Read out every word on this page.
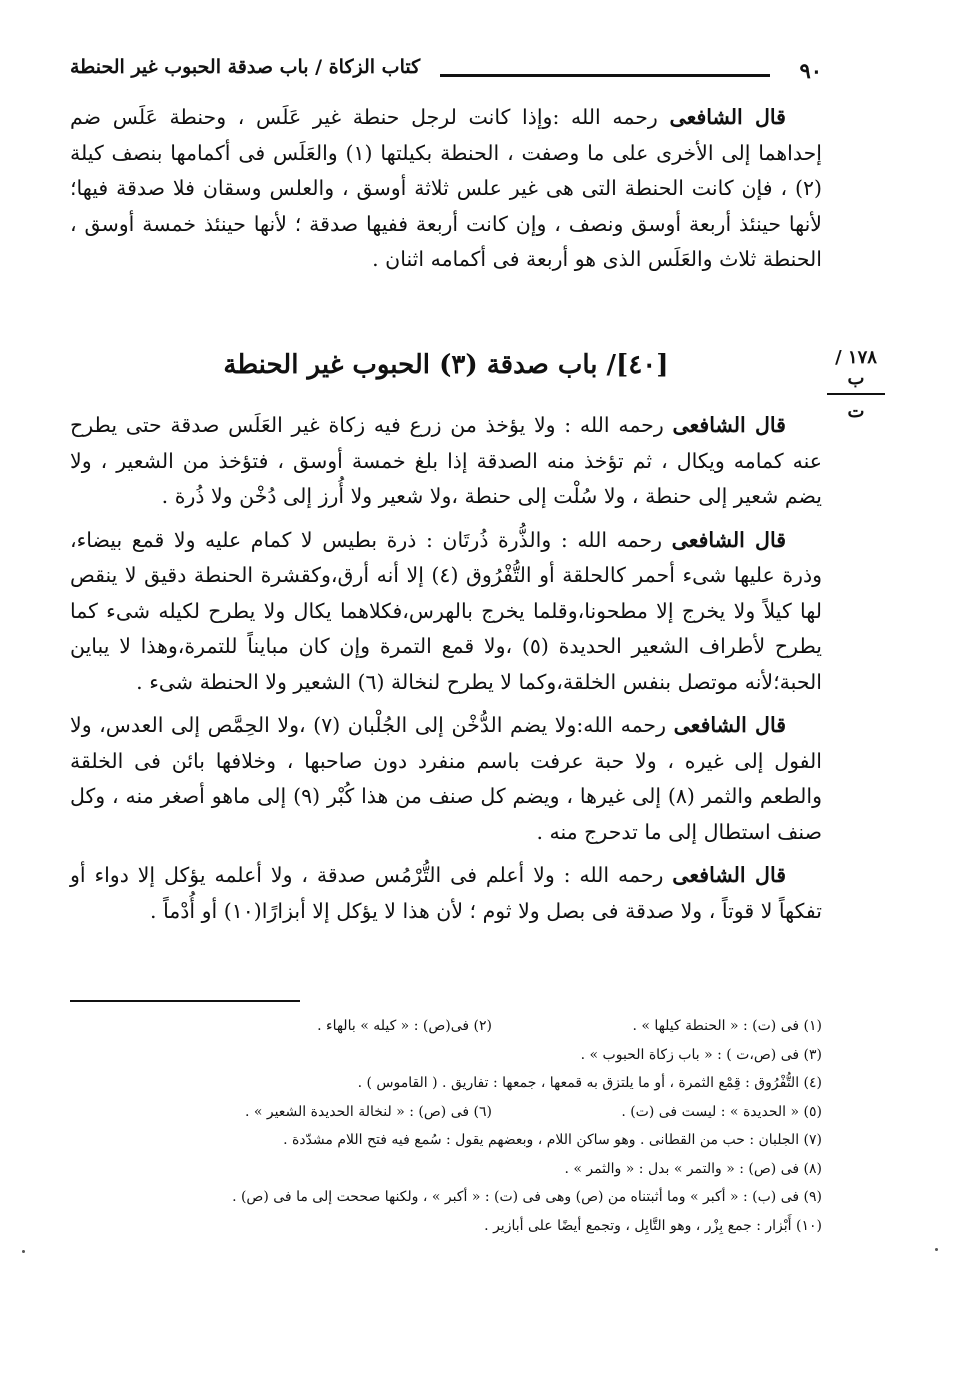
٩٠
كتاب الزكاة / باب صدقة الحبوب غير الحنطة

قال الشافعى رحمه الله :وإذا كانت لرجل حنطة غير عَلَس ، وحنطة عَلَس ضم إحداهما إلى الأخرى على ما وصفت ، الحنطة بكيلتها (١) والعَلَس فى أكمامها بنصف كيلة (٢) ، فإن كانت الحنطة التى هى غير علس ثلاثة أوسق ، والعلس وسقان فلا صدقة فيها؛ لأنها حينئذ أربعة أوسق ونصف ، وإن كانت أربعة ففيها صدقة ؛ لأنها حينئذ خمسة أوسق ، الحنطة ثلاث والعَلَس الذى هو أربعة فى أكمامه اثنان .

١٧٨ /ب
ت
[٤٠]/ باب صدقة (٣) الحبوب غير الحنطة

قال الشافعى رحمه الله : ولا يؤخذ من زرع فيه زكاة غير العَلَس صدقة حتى يطرح عنه كمامه ويكال ، ثم تؤخذ منه الصدقة إذا بلغ خمسة أوسق ، فتؤخذ من الشعير ، ولا يضم شعير إلى حنطة ، ولا سُلْت إلى حنطة ،ولا شعير ولا أُرز إلى دُخْن ولا ذُرة .

قال الشافعى رحمه الله : والذُّرة ذُرتَان : ذرة بطيس لا كمام عليه ولا قمع بيضاء، وذرة عليها شىء أحمر كالحلقة أو التُّفْرُوق (٤) إلا أنه أرق،وكقشرة الحنطة دقيق لا ينقص لها كيلاً ولا يخرج إلا مطحونا،وقلما يخرج بالهرس،فكلاهما يكال ولا يطرح لكيله شىء كما يطرح لأطراف الشعير الحديدة (٥) ،ولا قمع التمرة وإن كان مبايناً للتمرة،وهذا لا يباين الحبة؛لأنه موتصل بنفس الخلقة،وكما لا يطرح لنخالة (٦) الشعير ولا الحنطة شىء .

قال الشافعى رحمه الله:ولا يضم الدُّخْن إلى الجُلْبان (٧) ،ولا الحِمَّص إلى العدس، ولا الفول إلى غيره ، ولا حبة عرفت باسم منفرد دون صاحبها ، وخلافها بائن فى الخلقة والطعم والثمر (٨) إلى غيرها ، ويضم كل صنف من هذا كُبْر (٩) إلى ماهو أصغر منه ، وكل صنف استطال إلى ما تدحرج منه .

قال الشافعى رحمه الله : ولا أعلم فى التُّرْمُس صدقة ، ولا أعلمه يؤكل إلا دواء أو تفكهاً لا قوتاً ، ولا صدقة فى بصل ولا ثوم ؛ لأن هذا لا يؤكل إلا أبزارًا(١٠) أو أُدْماً .

(١) فى (ت) : « الحنطة كيلها » .(٢) فى(ص) : « كيله » بالهاء .
(٣) فى (ص،ت ) : « باب زكاة الحبوب » .
(٤) التُّفْرُوق : قِمْع الثمرة ، أو ما يلتزق به قمعها ، جمعها : تفاريق . ( القاموس ) .
(٥) « الحديدة » : ليست فى (ت) .(٦) فى (ص) : « لنخالة الحديدة الشعير » .
(٧) الجلبان : حب من القطانى . وهو ساكن اللام ، وبعضهم يقول : سُمع فيه فتح اللام مشدّدة .
(٨) فى (ص) : « والتمر » بدل : « والثمر » .
(٩) فى (ب) : « أكبر » وما أثبتناه من (ص) وهى فى (ت) : « أكبر » ، ولكنها صححت إلى ما فى (ص) .
(١٠) أَبْزار : جمع بِزْر ، وهو التَّابِل ، وتجمع أيضًا على أبازير .
